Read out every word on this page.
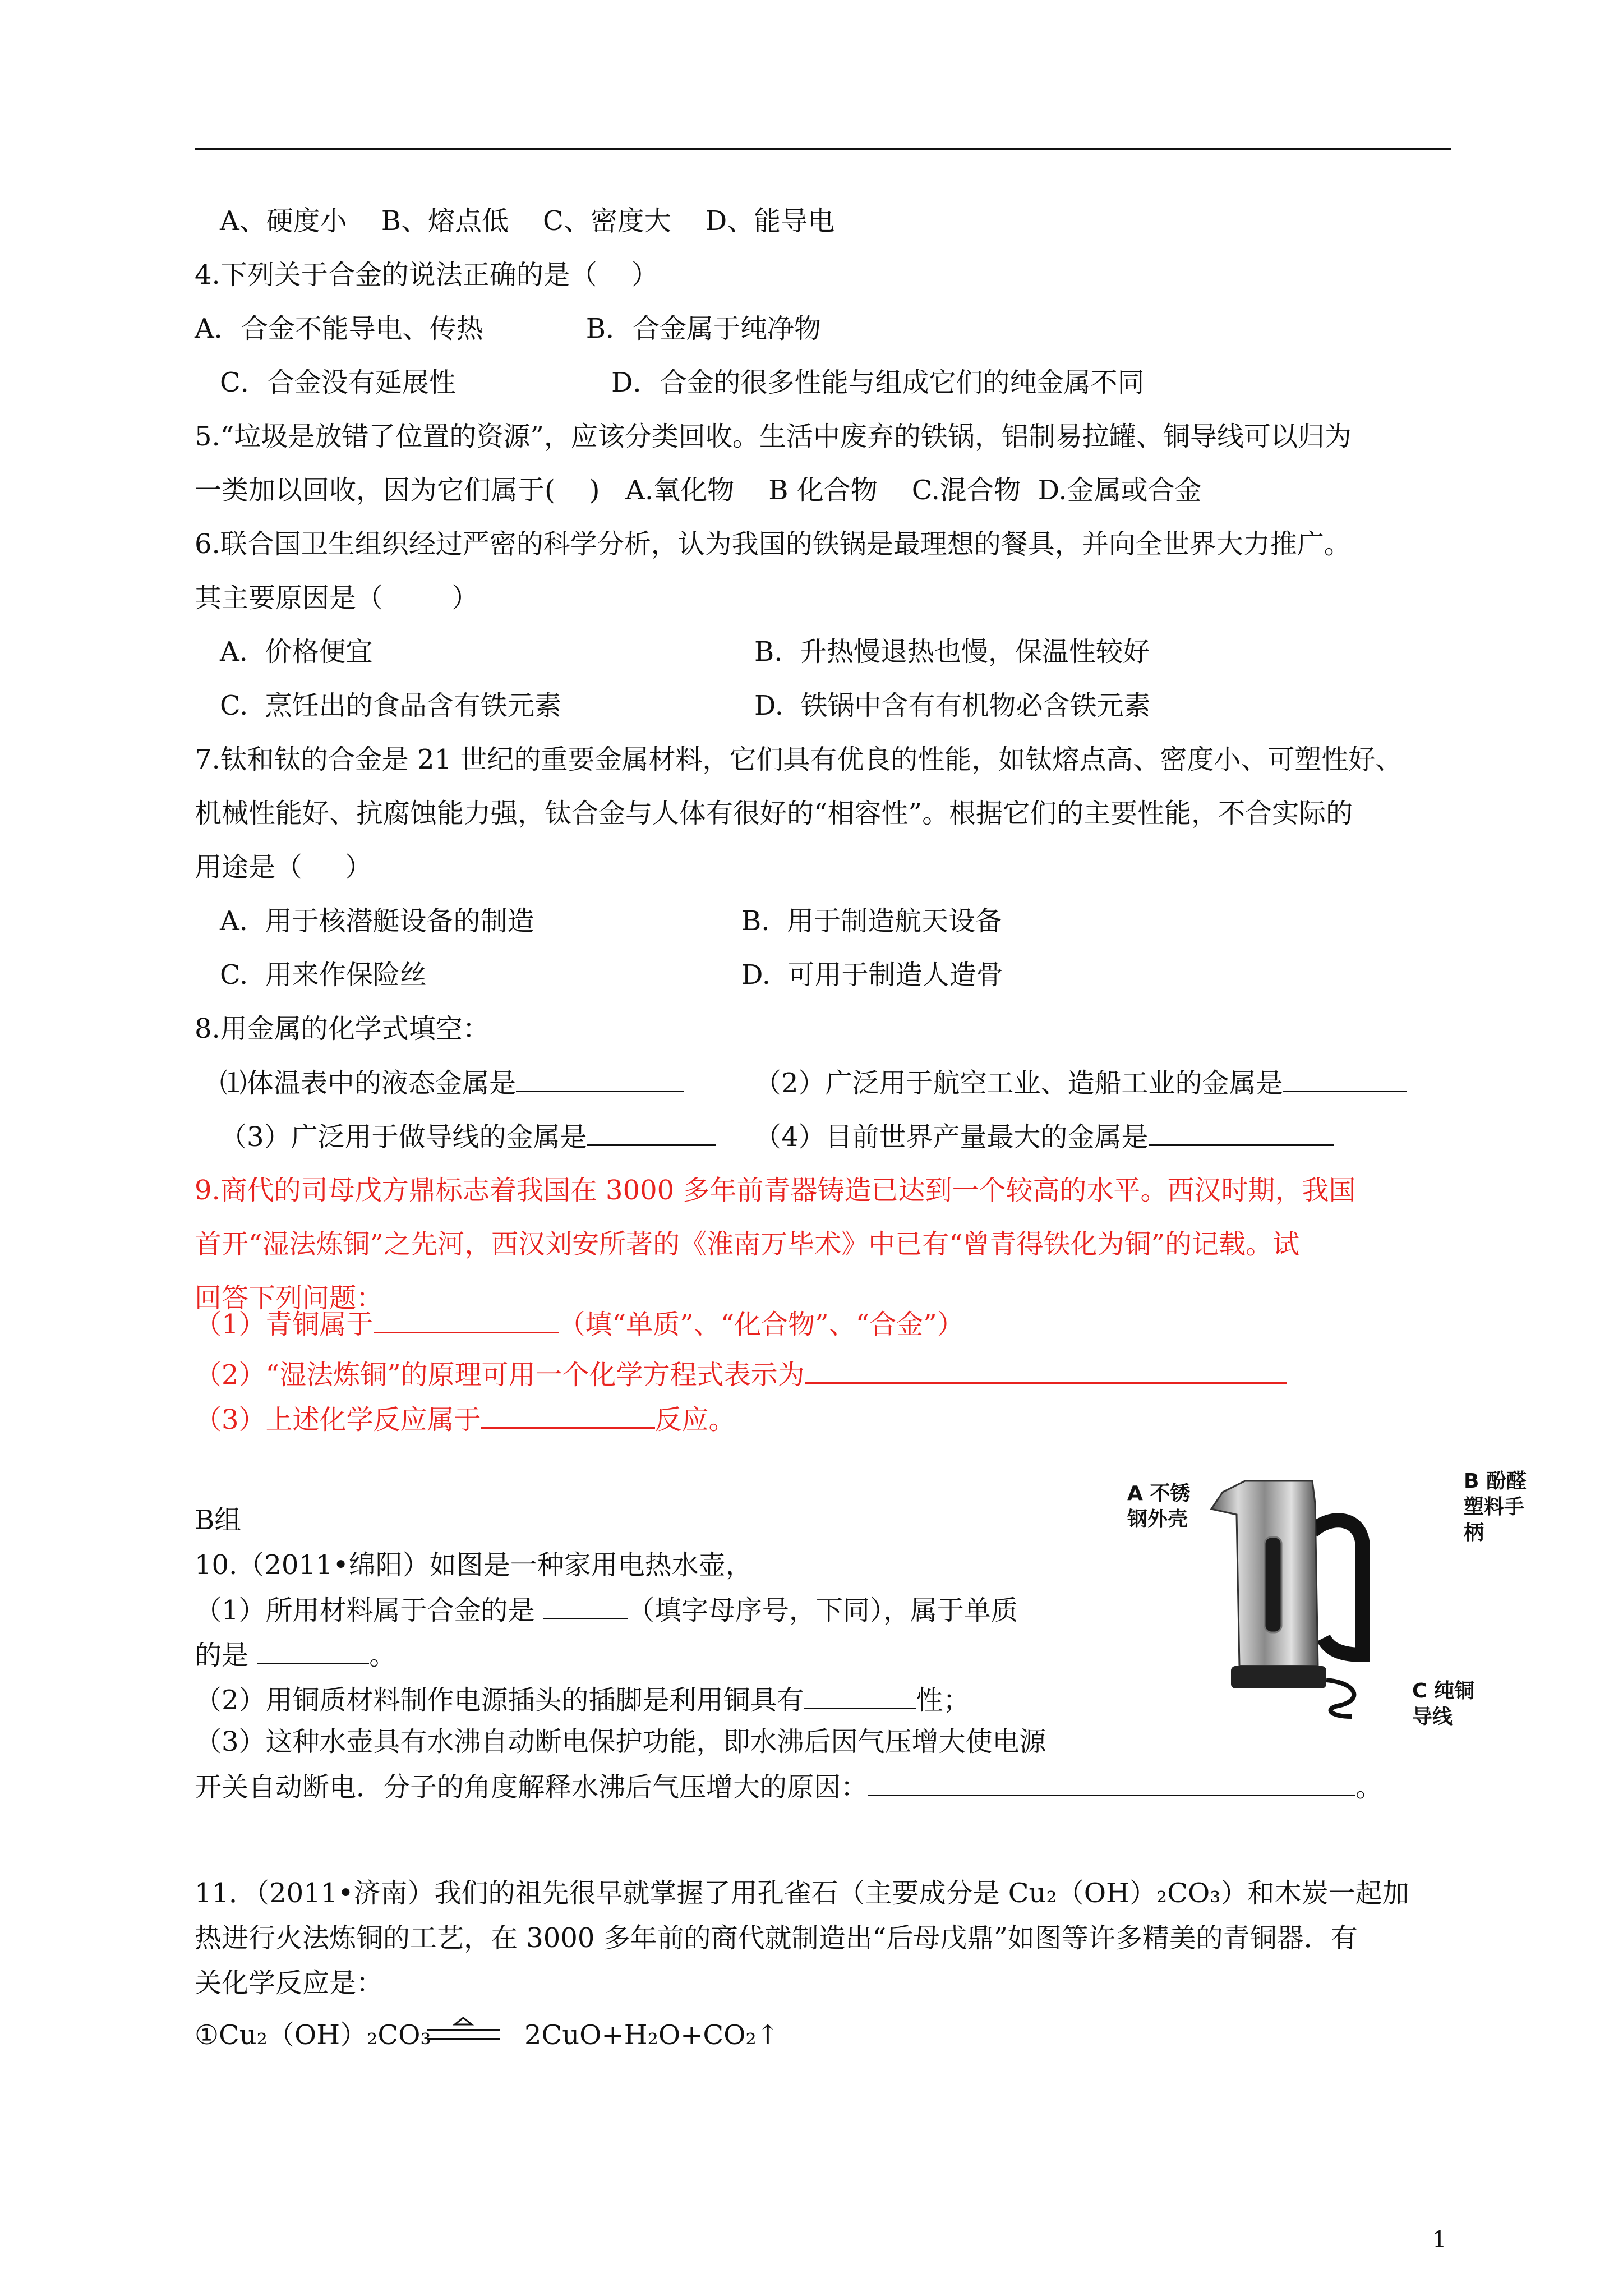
A、硬度小    B、熔点低    C、密度大    D、能导电
4.下列关于合金的说法正确的是（    ）
A．合金不能导电、传热            B．合金属于纯净物
C．合金没有延展性	D．合金的很多性能与组成它们的纯金属不同
5.“垃圾是放错了位置的资源”，应该分类回收。生活中废弃的铁锅，铝制易拉罐、铜导线可以归为
一类加以回收，因为它们属于(    )   A.氧化物    B 化合物    C.混合物  D.金属或合金
6.联合国卫生组织经过严密的科学分析，认为我国的铁锅是最理想的餐具，并向全世界大力推广。
其主要原因是（        ）
A.  价格便宜	B.  升热慢退热也慢，保温性较好
C.  烹饪出的食品含有铁元素	D.  铁锅中含有有机物必含铁元素
7.钛和钛的合金是 21 世纪的重要金属材料，它们具有优良的性能，如钛熔点高、密度小、可塑性好、
机械性能好、抗腐蚀能力强，钛合金与人体有很好的“相容性”。根据它们的主要性能，不合实际的
用途是（     ）
A.  用于核潜艇设备的制造	B.  用于制造航天设备
C.  用来作保险丝	D.  可用于制造人造骨
8.用金属的化学式填空：
⑴体温表中的液态金属是	（2）广泛用于航空工业、造船工业的金属是
（3）广泛用于做导线的金属是	（4）目前世界产量最大的金属是
9.商代的司母戊方鼎标志着我国在 3000 多年前青器铸造已达到一个较高的水平。西汉时期，我国
首开“湿法炼铜”之先河，西汉刘安所著的《淮南万毕术》中已有“曾青得铁化为铜”的记载。试
回答下列问题：
（1）青铜属于	（填“单质”、“化合物”、“合金”）
（2）“湿法炼铜”的原理可用一个化学方程式表示为
（3）上述化学反应属于	反应。
B组
10.（2011•绵阳）如图是一种家用电热水壶，
（1）所用材料属于合金的是	（填字母序号，下同），属于单质
的是	。
（2）用铜质材料制作电源插头的插脚是利用铜具有	性；
（3）这种水壶具有水沸自动断电保护功能，即水沸后因气压增大使电源
开关自动断电．分子的角度解释水沸后气压增大的原因：	。
A 不锈
钢外壳
B 酚醛
塑料手
柄
C 纯铜
导线
11．（2011•济南）我们的祖先很早就掌握了用孔雀石（主要成分是 Cu₂（OH）₂CO₃）和木炭一起加
热进行火法炼铜的工艺，在 3000 多年前的商代就制造出“后母戊鼎”如图等许多精美的青铜器．有
关化学反应是：
①Cu₂（OH）₂CO₃	2CuO+H₂O+CO₂↑
1
